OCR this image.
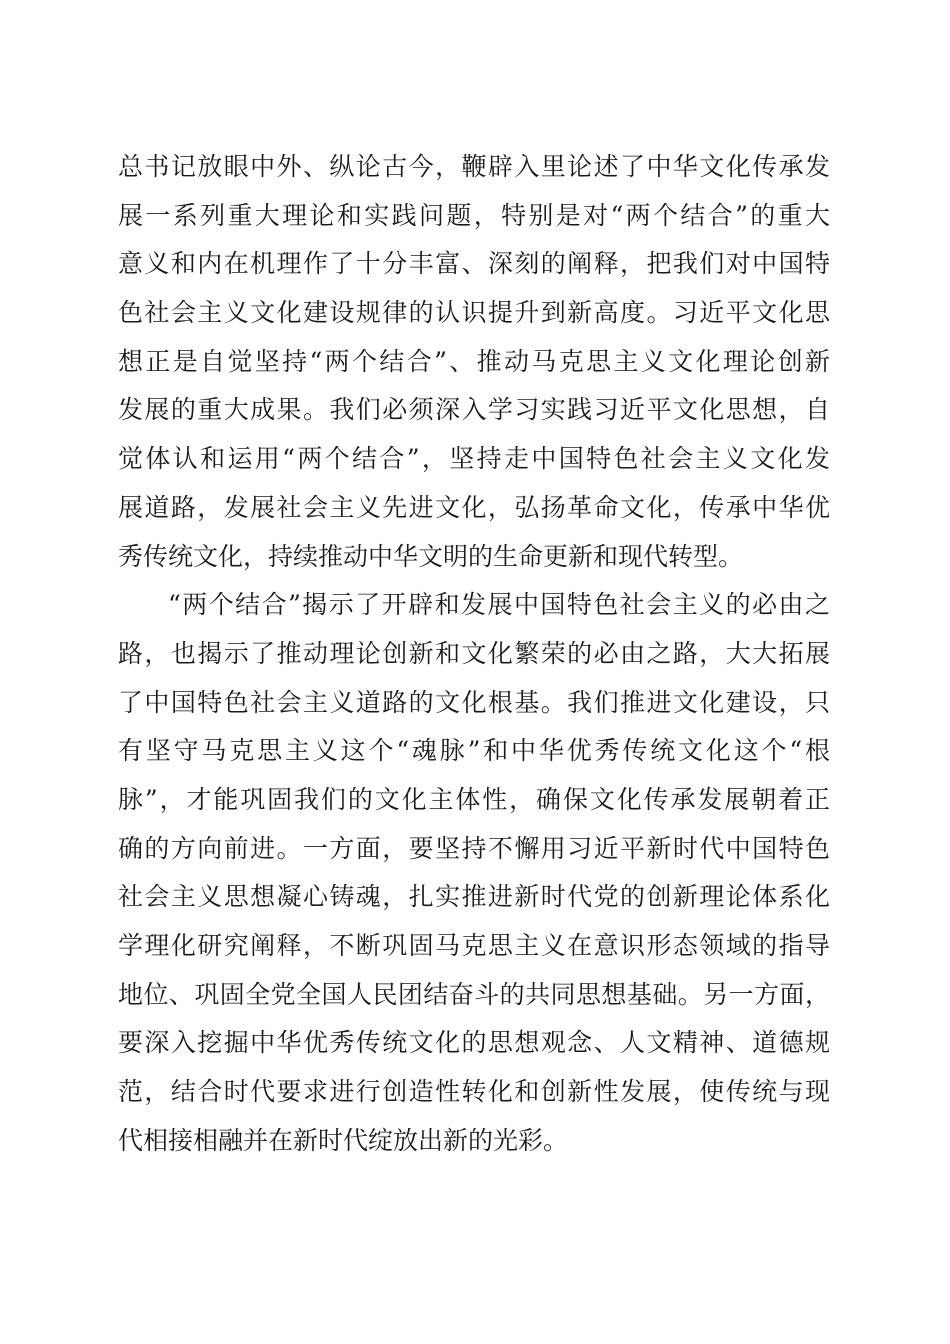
总书记放眼中外、纵论古今，鞭辟入里论述了中华文化传承发
展一系列重大理论和实践问题，特别是对“两个结合”的重大
意义和内在机理作了十分丰富、深刻的阐释，把我们对中国特
色社会主义文化建设规律的认识提升到新高度。习近平文化思
想正是自觉坚持“两个结合”、推动马克思主义文化理论创新
发展的重大成果。我们必须深入学习实践习近平文化思想，自
觉体认和运用“两个结合”，坚持走中国特色社会主义文化发
展道路，发展社会主义先进文化，弘扬革命文化，传承中华优
秀传统文化，持续推动中华文明的生命更新和现代转型。
“两个结合”揭示了开辟和发展中国特色社会主义的必由之
路，也揭示了推动理论创新和文化繁荣的必由之路，大大拓展
了中国特色社会主义道路的文化根基。我们推进文化建设，只
有坚守马克思主义这个“魂脉”和中华优秀传统文化这个“根
脉”，才能巩固我们的文化主体性，确保文化传承发展朝着正
确的方向前进。一方面，要坚持不懈用习近平新时代中国特色
社会主义思想凝心铸魂，扎实推进新时代党的创新理论体系化
学理化研究阐释，不断巩固马克思主义在意识形态领域的指导
地位、巩固全党全国人民团结奋斗的共同思想基础。另一方面，
要深入挖掘中华优秀传统文化的思想观念、人文精神、道德规
范，结合时代要求进行创造性转化和创新性发展，使传统与现
代相接相融并在新时代绽放出新的光彩。
